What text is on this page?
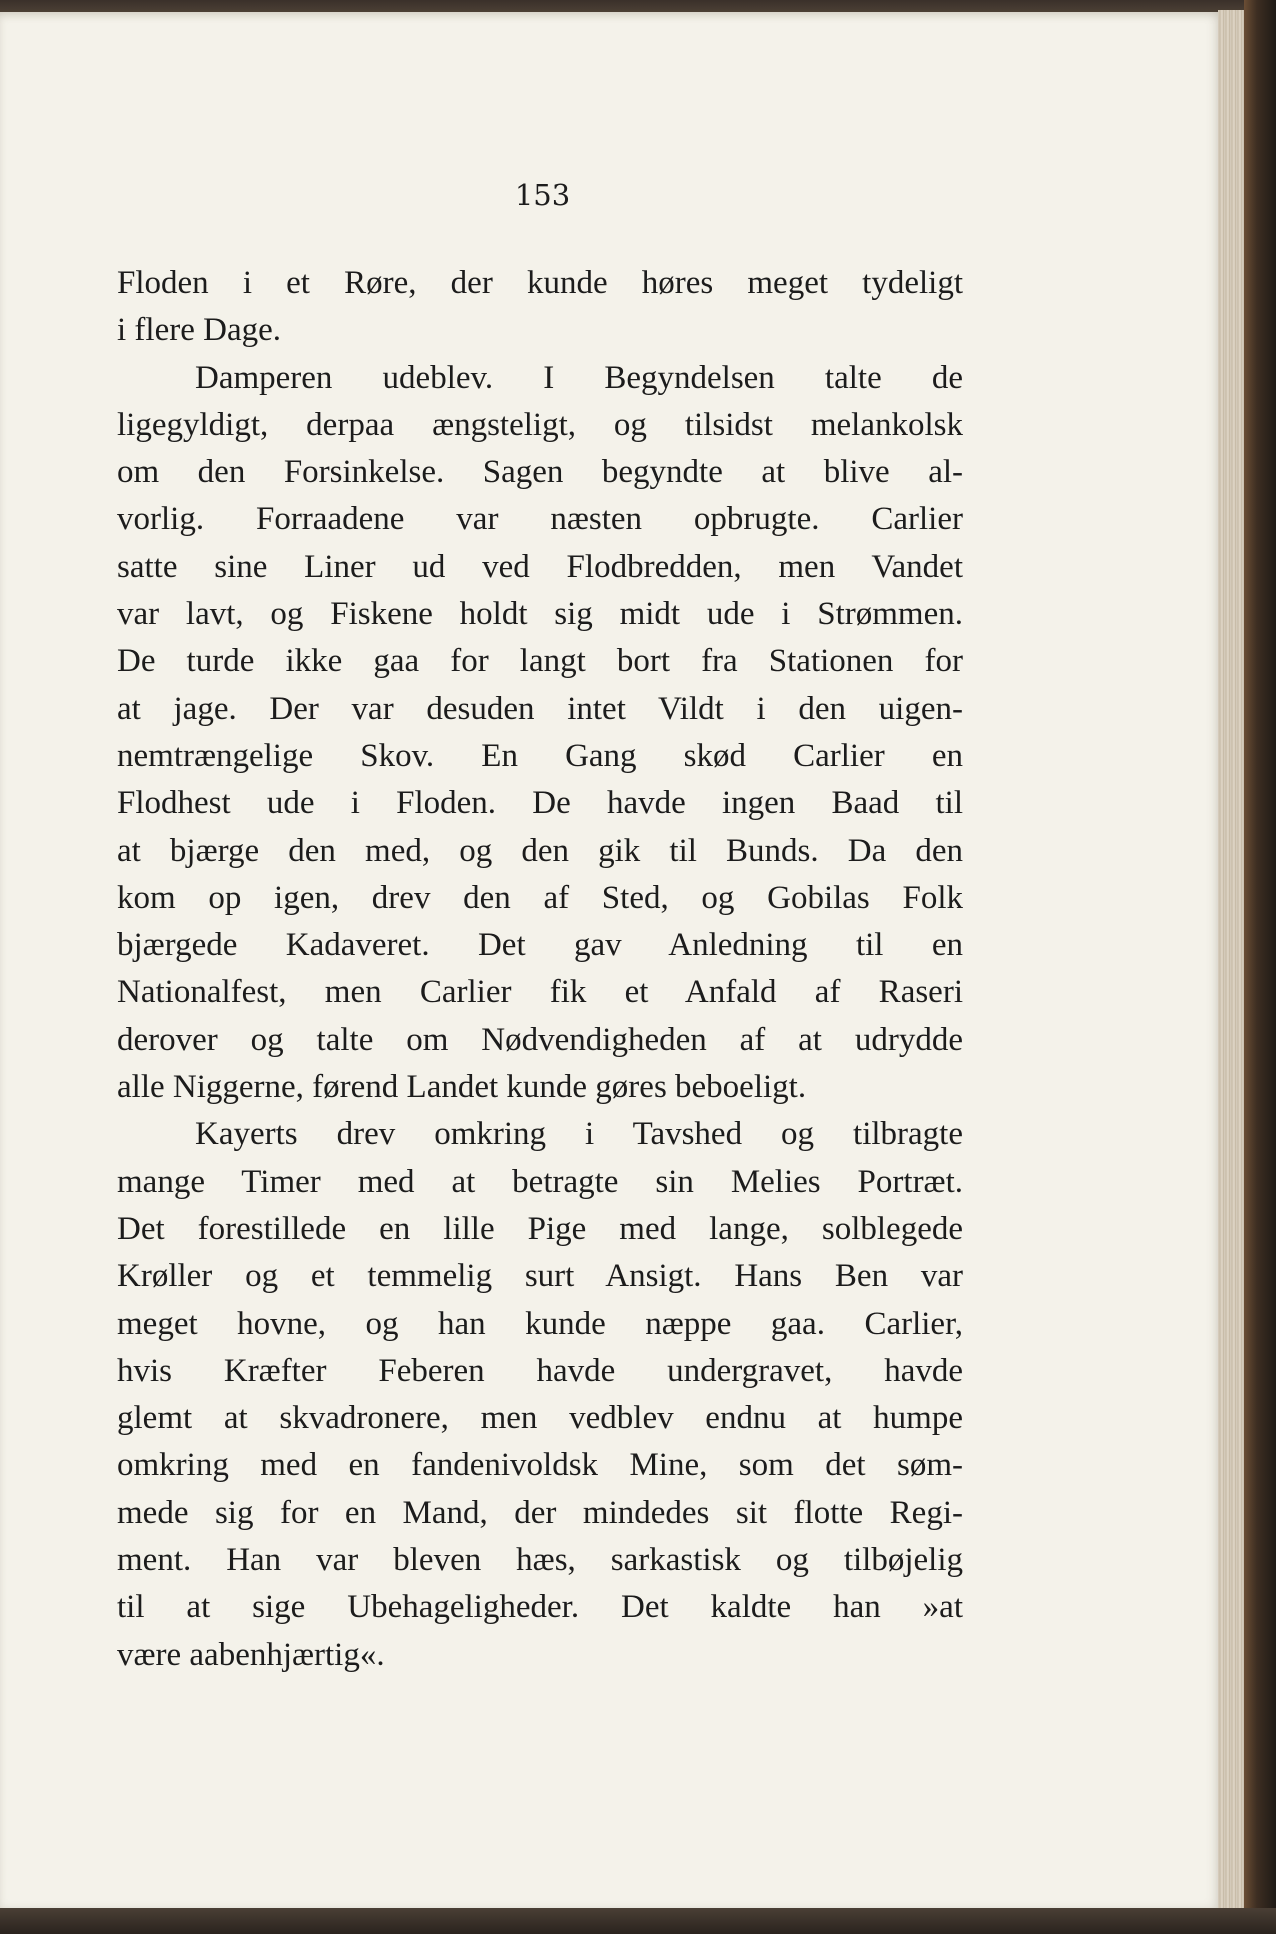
153
Floden i et Røre, der kunde høres meget tydeligt
i flere Dage.
Damperen udeblev. I Begyndelsen talte de
ligegyldigt, derpaa ængsteligt, og tilsidst melankolsk
om den Forsinkelse. Sagen begyndte at blive al-
vorlig. Forraadene var næsten opbrugte. Carlier
satte sine Liner ud ved Flodbredden, men Vandet
var lavt, og Fiskene holdt sig midt ude i Strømmen.
De turde ikke gaa for langt bort fra Stationen for
at jage. Der var desuden intet Vildt i den uigen-
nemtrængelige Skov. En Gang skød Carlier en
Flodhest ude i Floden. De havde ingen Baad til
at bjærge den med, og den gik til Bunds. Da den
kom op igen, drev den af Sted, og Gobilas Folk
bjærgede Kadaveret. Det gav Anledning til en
Nationalfest, men Carlier fik et Anfald af Raseri
derover og talte om Nødvendigheden af at udrydde
alle Niggerne, førend Landet kunde gøres beboeligt.
Kayerts drev omkring i Tavshed og tilbragte
mange Timer med at betragte sin Melies Portræt.
Det forestillede en lille Pige med lange, solblegede
Krøller og et temmelig surt Ansigt. Hans Ben var
meget hovne, og han kunde næppe gaa. Carlier,
hvis Kræfter Feberen havde undergravet, havde
glemt at skvadronere, men vedblev endnu at humpe
omkring med en fandenivoldsk Mine, som det søm-
mede sig for en Mand, der mindedes sit flotte Regi-
ment. Han var bleven hæs, sarkastisk og tilbøjelig
til at sige Ubehageligheder. Det kaldte han »at
være aabenhjærtig«.
